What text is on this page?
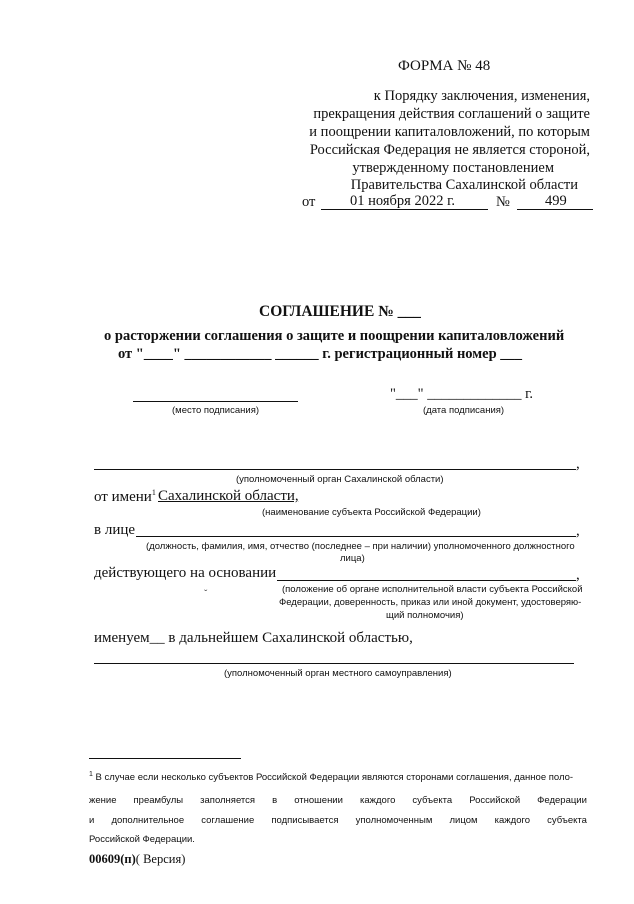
ФОРМА № 48
к Порядку заключения, изменения,
прекращения действия соглашений о защите
и поощрении капиталовложений, по которым
Российская Федерация не является стороной,
утвержденному постановлением
Правительства Сахалинской области
от 01 ноября 2022 г.	№ 499
СОГЛАШЕНИЕ № ___
о расторжении соглашения о защите и поощрении капиталовложений
от "____" ____________ ______ г. регистрационный номер ___
(место подписания)
"___" _____________ г.
(дата подписания)
,
(уполномоченный орган Сахалинской области)
от имени$^1$ Сахалинской области,
(наименование субъекта Российской Федерации)
в лице	,
(должность, фамилия, имя, отчество (последнее – при наличии) уполномоченного должностного
лица)
действующего на основании	,
(положение об органе исполнительной власти субъекта Российской
Федерации, доверенность, приказ или иной документ, удостоверяю-
щий полномочия)
ˇ
именуем__ в дальнейшем Сахалинской областью,
(уполномоченный орган местного самоуправления)
$^1$ В случае если несколько субъектов Российской Федерации являются сторонами соглашения, данное поло-
жение преамбулы заполняется в отношении каждого субъекта Российской Федерации
и дополнительное соглашение подписывается уполномоченным лицом каждого субъекта
Российской Федерации.
00609(п)( Версия)
